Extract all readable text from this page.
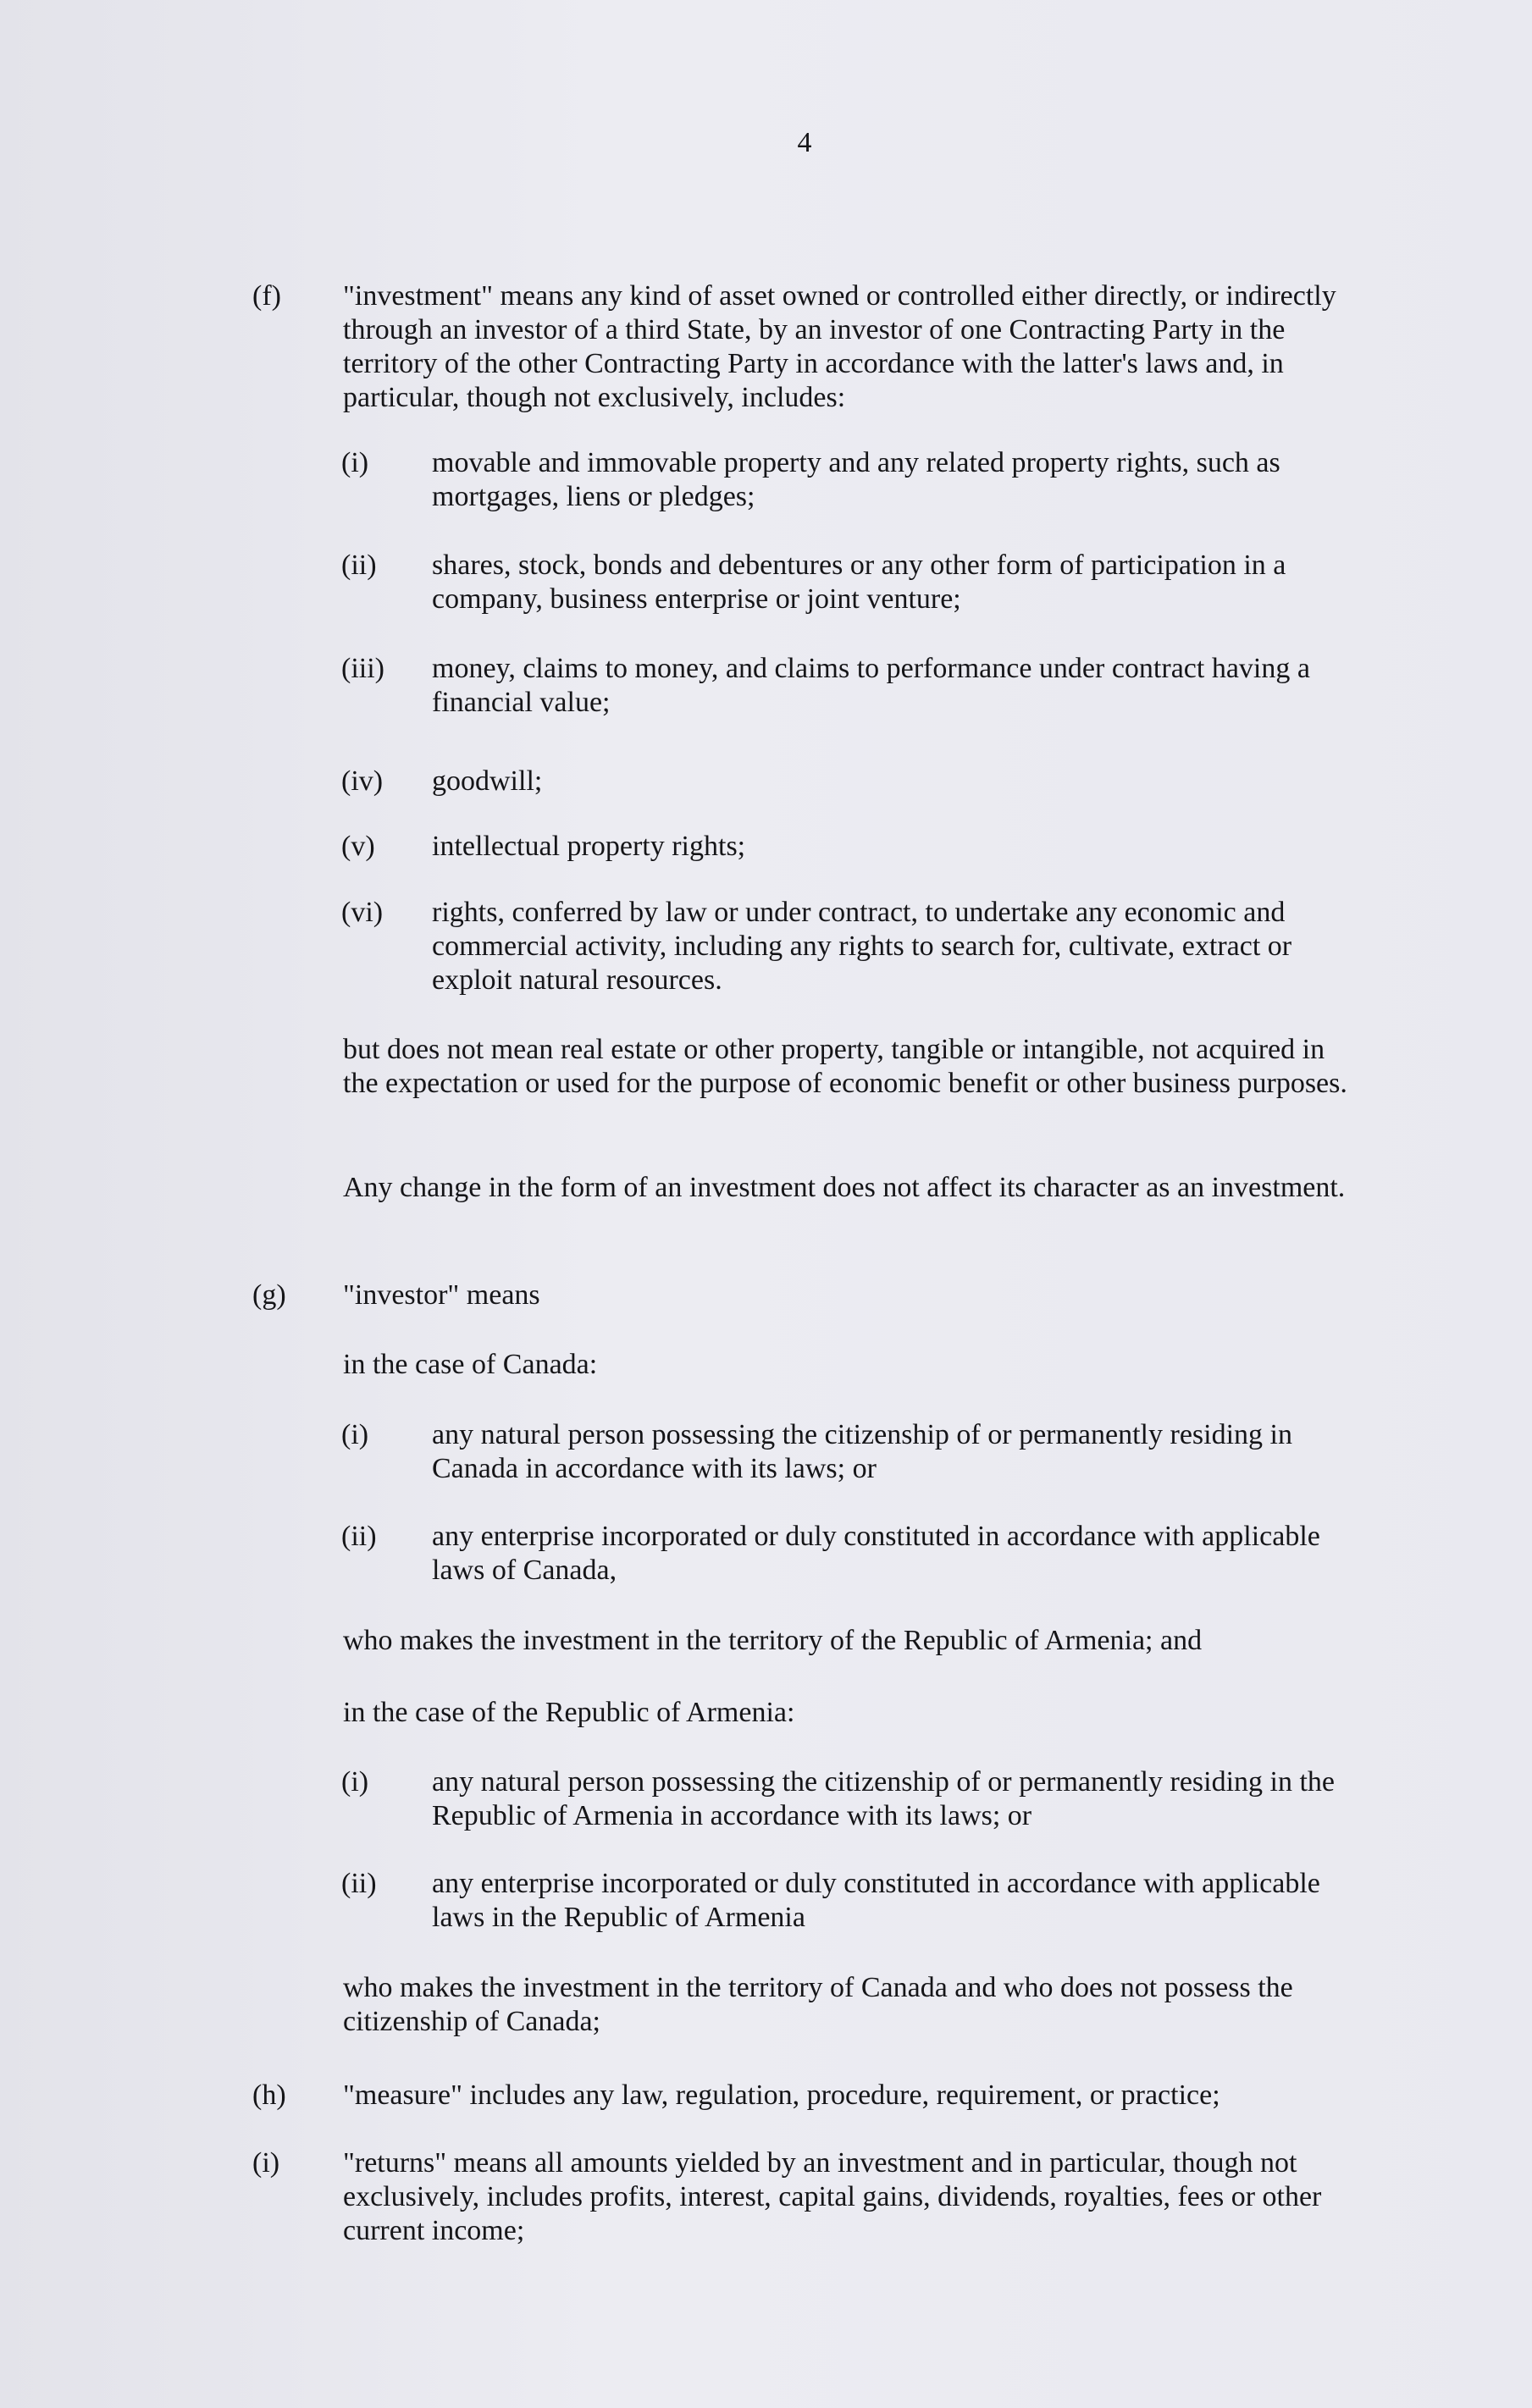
4
(f) "investment" means any kind of asset owned or controlled either directly, or indirectly through an investor of a third State, by an investor of one Contracting Party in the territory of the other Contracting Party in accordance with the latter's laws and, in particular, though not exclusively, includes:
(i) movable and immovable property and any related property rights, such as mortgages, liens or pledges;
(ii) shares, stock, bonds and debentures or any other form of participation in a company, business enterprise or joint venture;
(iii) money, claims to money, and claims to performance under contract having a financial value;
(iv) goodwill;
(v) intellectual property rights;
(vi) rights, conferred by law or under contract, to undertake any economic and commercial activity, including any rights to search for, cultivate, extract or exploit natural resources.
but does not mean real estate or other property, tangible or intangible, not acquired in the expectation or used for the purpose of economic benefit or other business purposes.
Any change in the form of an investment does not affect its character as an investment.
(g) "investor" means
in the case of Canada:
(i) any natural person possessing the citizenship of or permanently residing in Canada in accordance with its laws; or
(ii) any enterprise incorporated or duly constituted in accordance with applicable laws of Canada,
who makes the investment in the territory of the Republic of Armenia; and
in the case of the Republic of Armenia:
(i) any natural person possessing the citizenship of or permanently residing in the Republic of Armenia in accordance with its laws; or
(ii) any enterprise incorporated or duly constituted in accordance with applicable laws in the Republic of Armenia
who makes the investment in the territory of Canada and who does not possess the citizenship of Canada;
(h) "measure" includes any law, regulation, procedure, requirement, or practice;
(i) "returns" means all amounts yielded by an investment and in particular, though not exclusively, includes profits, interest, capital gains, dividends, royalties, fees or other current income;
